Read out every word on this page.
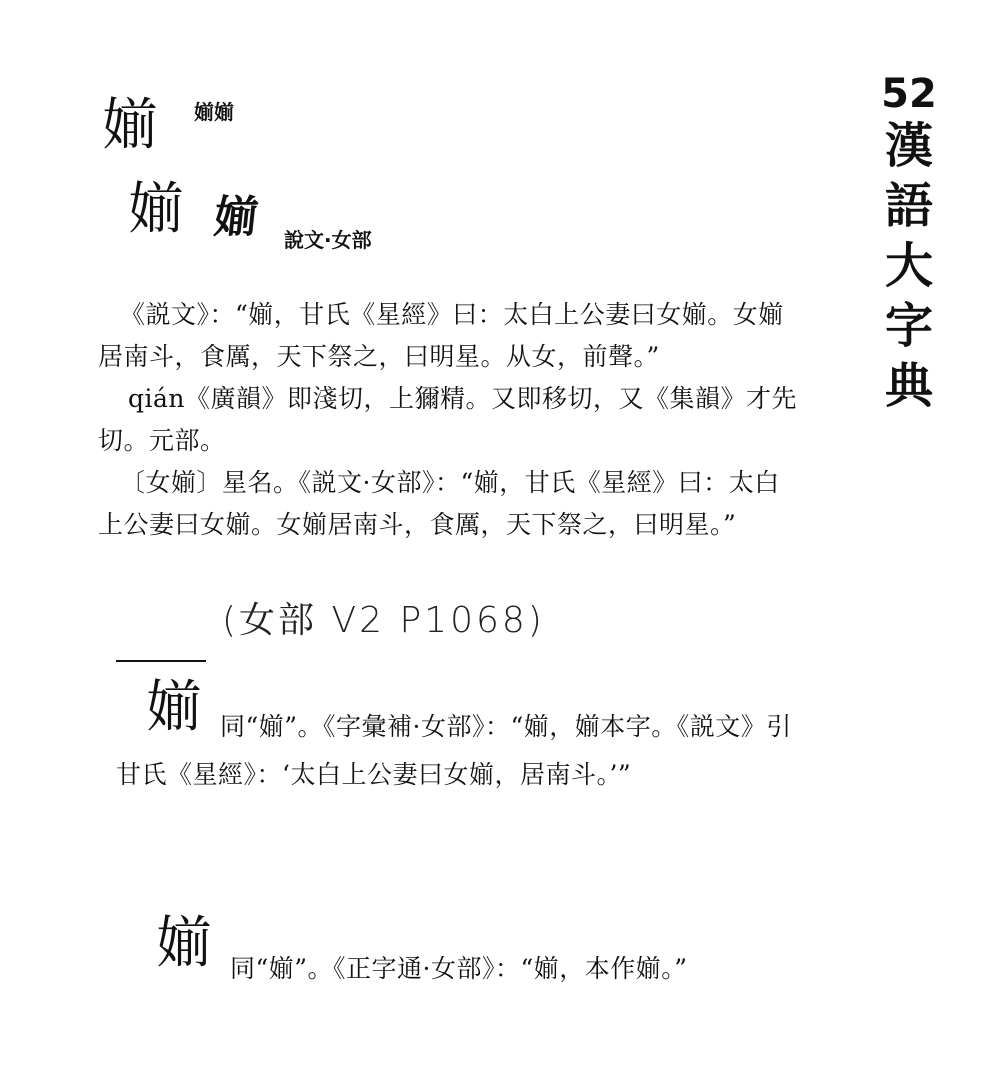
52
漢
語
大
字
典
媊 媊媊
媊 媊 說文·女部
《説文》：“媊，甘氏《星經》曰：太白上公妻曰女媊。女媊
居南斗，食厲，天下祭之，曰明星。从女，前聲。”
qián《廣韻》即淺切，上獮精。又即移切，又《集韻》才先
切。元部。
〔女媊〕星名。《説文·女部》：“媊，甘氏《星經》曰：太白
上公妻曰女媊。女媊居南斗，食厲，天下祭之，曰明星。”
(女部 V2 P1068)
媊 同“媊”。《字彙補·女部》：“媊，媊本字。《説文》引
甘氏《星經》：‘太白上公妻曰女媊，居南斗。’”
媊 同“媊”。《正字通·女部》：“媊，本作媊。”
